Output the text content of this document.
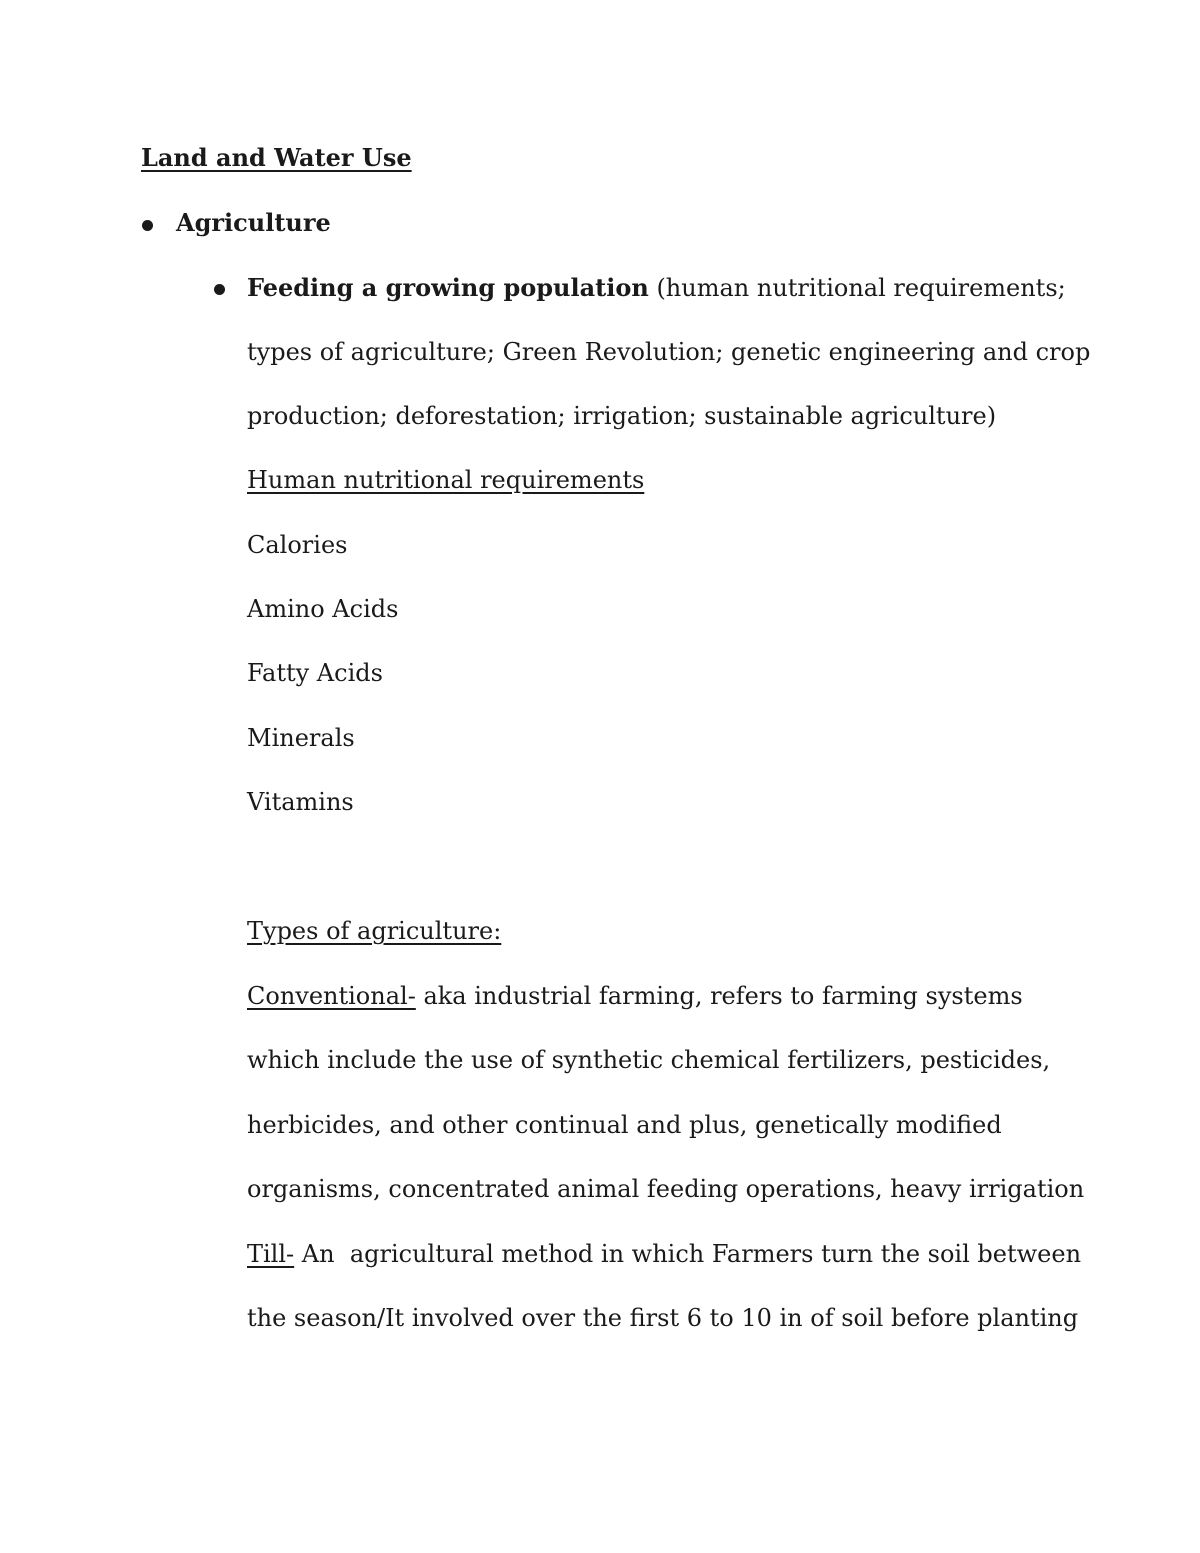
Land and Water Use
Agriculture
Feeding a growing population (human nutritional requirements;
types of agriculture; Green Revolution; genetic engineering and crop
production; deforestation; irrigation; sustainable agriculture)
Human nutritional requirements
Calories
Amino Acids
Fatty Acids
Minerals
Vitamins
Types of agriculture:
Conventional- aka industrial farming, refers to farming systems
which include the use of synthetic chemical fertilizers, pesticides,
herbicides, and other continual and plus, genetically modified
organisms, concentrated animal feeding operations, heavy irrigation
Till- An  agricultural method in which Farmers turn the soil between
the season/It involved over the first 6 to 10 in of soil before planting
